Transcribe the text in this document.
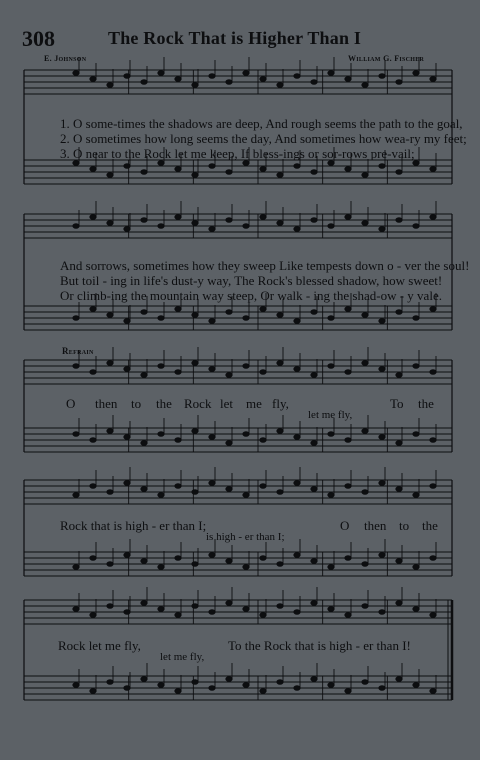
308	The Rock That is Higher Than I
E. Johnson	William G. Fischer
1. O some-times the shadows are deep, And rough seems the path to the goal,
2. O sometimes how long seems the day, And sometimes how wea-ry my feet;
3. O near to the Rock let me keep, If bless-ings or sor-rows pre-vail;
And sorrows, sometimes how they sweep Like tempests down o - ver the soul!
But toil - ing in life's dust-y way, The Rock's blessed shadow, how sweet!
Or climb-ing the mountain way steep, Or walk - ing the shad-ow - y vale.
Refrain
O then to the Rock let me fly,
let me fly,
To the
Rock that is high - er than I;
is high - er than I;
O then to the
Rock let me fly,
let me fly,
To the Rock that is high - er than I!
